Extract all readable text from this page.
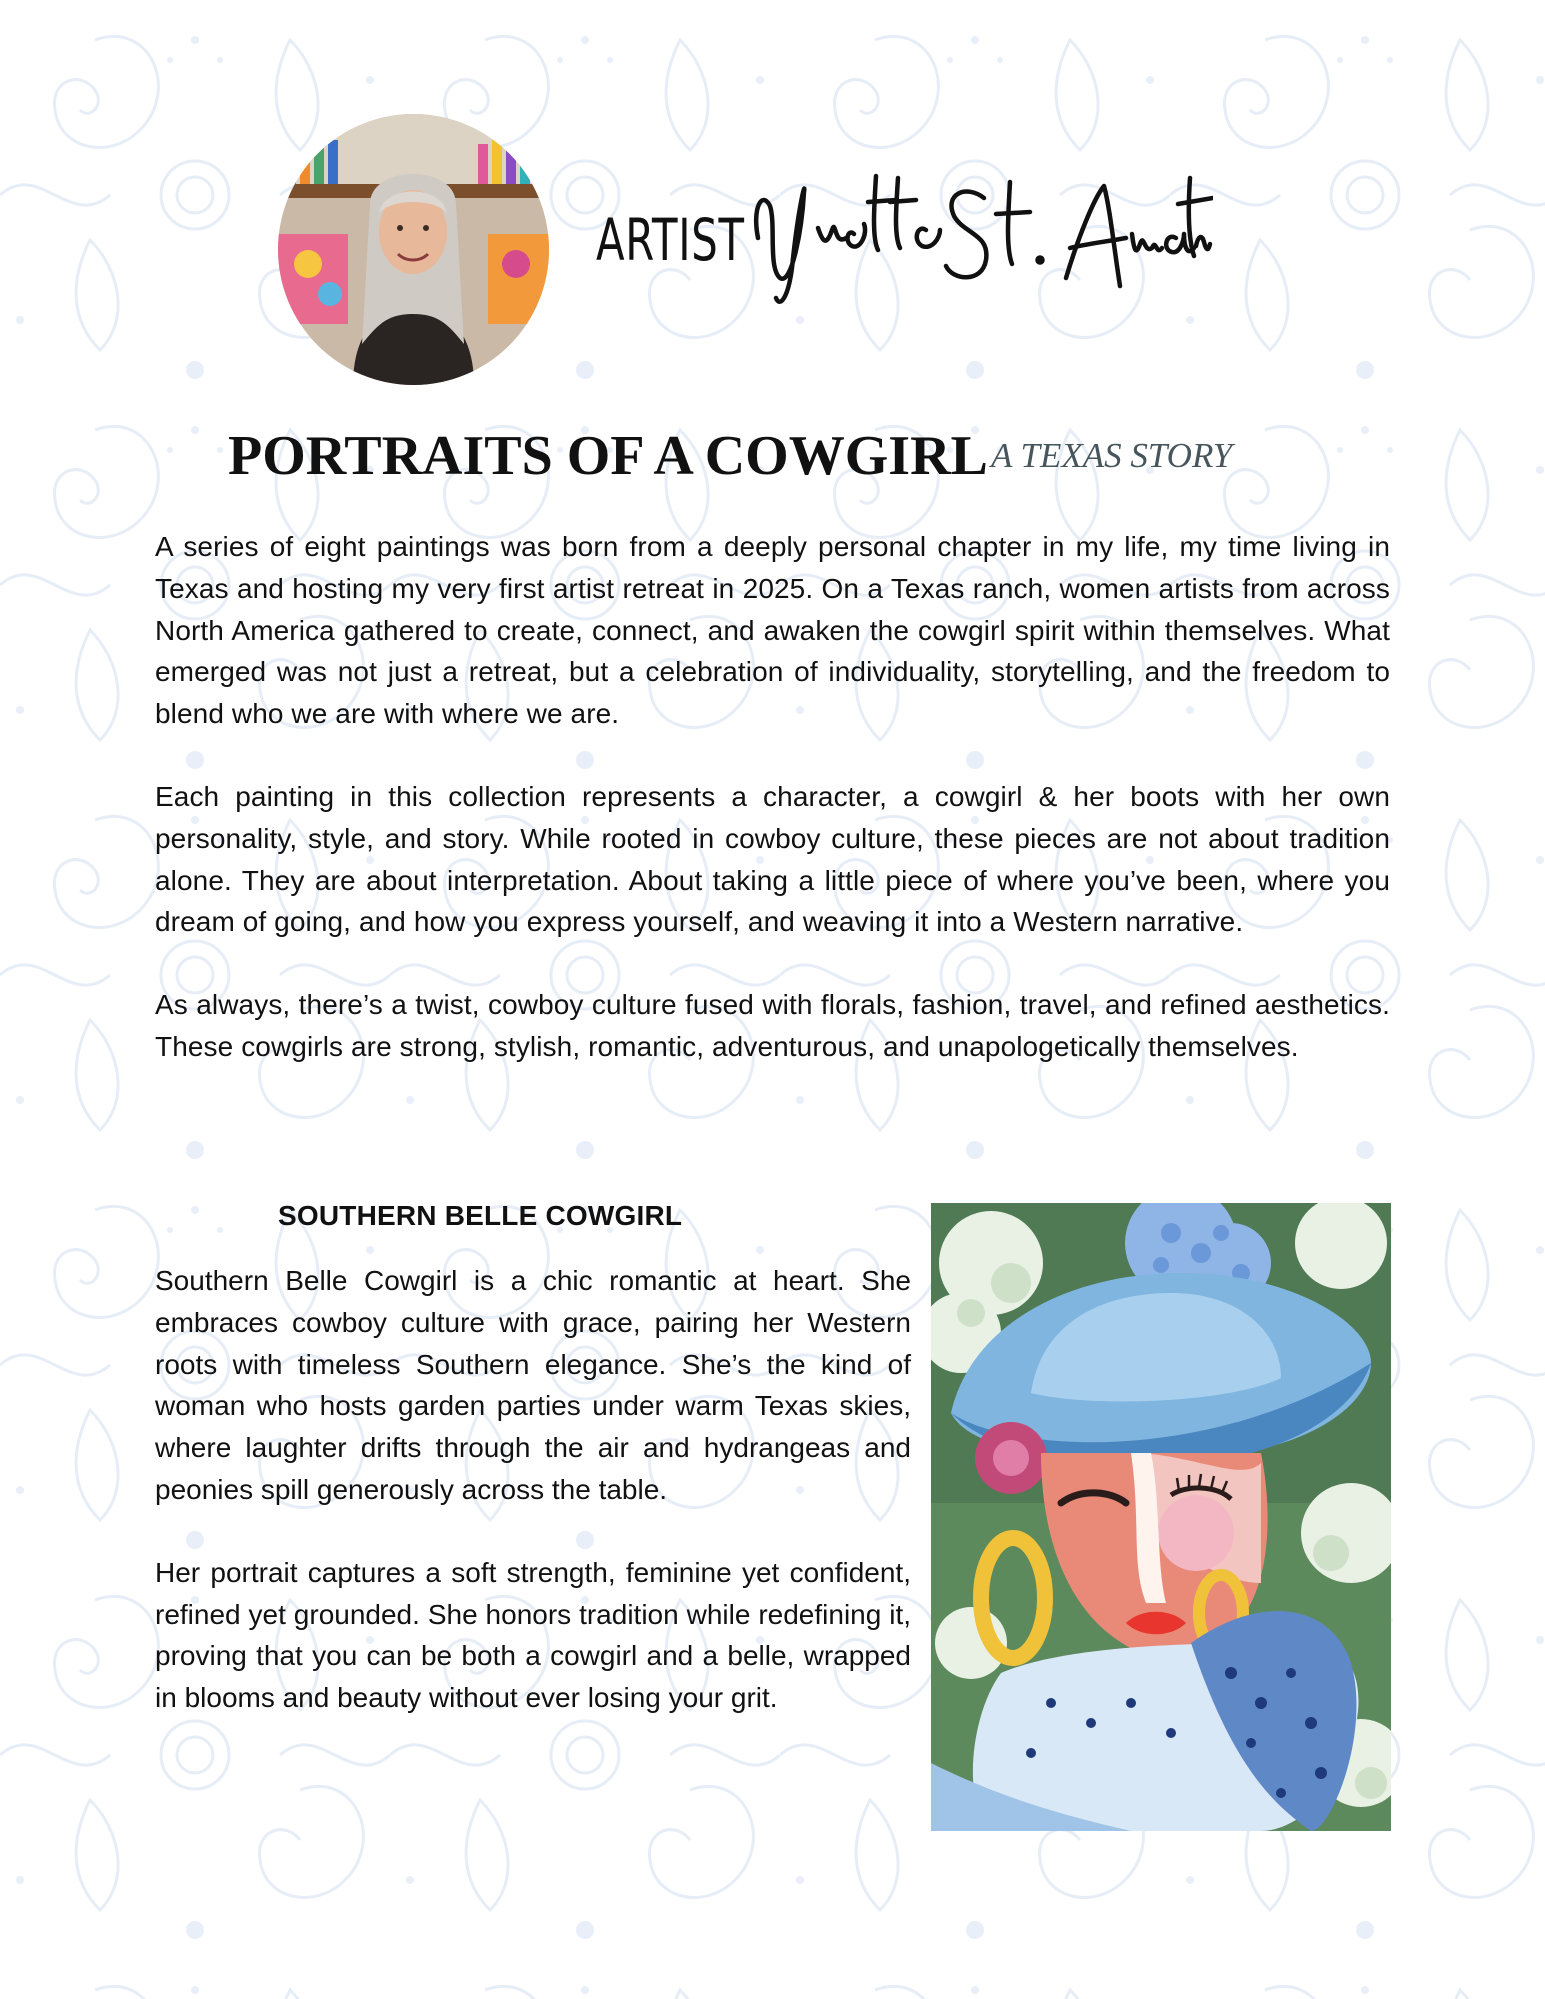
ARTIST
PORTRAITS OF A COWGIRL A TEXAS STORY

A series of eight paintings was born from a deeply personal chapter in my life, my time living in Texas and hosting my very first artist retreat in 2025. On a Texas ranch, women artists from across North America gathered to create, connect, and awaken the cowgirl spirit within themselves. What emerged was not just a retreat, but a celebration of individuality, storytelling, and the freedom to blend who we are with where we are.

Each painting in this collection represents a character, a cowgirl & her boots with her own personality, style, and story. While rooted in cowboy culture, these pieces are not about tradition alone. They are about interpretation. About taking a little piece of where you’ve been, where you dream of going, and how you express yourself, and weaving it into a Western narrative.

As always, there’s a twist, cowboy culture fused with florals, fashion, travel, and refined aesthetics. These cowgirls are strong, stylish, romantic, adventurous, and unapologetically themselves.

SOUTHERN BELLE COWGIRL

Southern Belle Cowgirl is a chic romantic at heart. She embraces cowboy culture with grace, pairing her Western roots with timeless Southern elegance. She’s the kind of woman who hosts garden parties under warm Texas skies, where laughter drifts through the air and hydrangeas and peonies spill generously across the table.

Her portrait captures a soft strength, feminine yet confident, refined yet grounded. She honors tradition while redefining it, proving that you can be both a cowgirl and a belle, wrapped in blooms and beauty without ever losing your grit.
